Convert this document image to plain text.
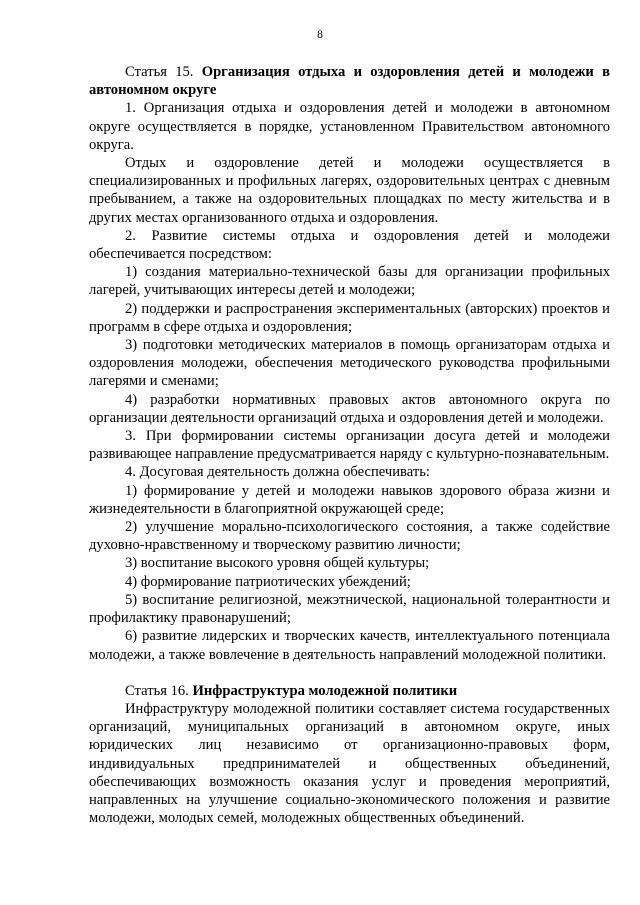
8
Статья 15. Организация отдыха и оздоровления детей и молодежи в автономном округе

1. Организация отдыха и оздоровления детей и молодежи в автономном округе осуществляется в порядке, установленном Правительством автономного округа.

Отдых и оздоровление детей и молодежи осуществляется в специализированных и профильных лагерях, оздоровительных центрах с дневным пребыванием, а также на оздоровительных площадках по месту жительства и в других местах организованного отдыха и оздоровления.

2. Развитие системы отдыха и оздоровления детей и молодежи обеспечивается посредством:

1) создания материально-технической базы для организации профильных лагерей, учитывающих интересы детей и молодежи;

2) поддержки и распространения экспериментальных (авторских) проектов и программ в сфере отдыха и оздоровления;

3) подготовки методических материалов в помощь организаторам отдыха и оздоровления молодежи, обеспечения методического руководства профильными лагерями и сменами;

4) разработки нормативных правовых актов автономного округа по организации деятельности организаций отдыха и оздоровления детей и молодежи.

3. При формировании системы организации досуга детей и молодежи развивающее направление предусматривается наряду с культурно-познавательным.

4. Досуговая деятельность должна обеспечивать:

1) формирование у детей и молодежи навыков здорового образа жизни и жизнедеятельности в благоприятной окружающей среде;

2) улучшение морально-психологического состояния, а также содействие духовно-нравственному и творческому развитию личности;

3) воспитание высокого уровня общей культуры;

4) формирование патриотических убеждений;

5) воспитание религиозной, межэтнической, национальной толерантности и профилактику правонарушений;

6) развитие лидерских и творческих качеств, интеллектуального потенциала молодежи, а также вовлечение в деятельность направлений молодежной политики.

Статья 16. Инфраструктура молодежной политики

Инфраструктуру молодежной политики составляет система государственных организаций, муниципальных организаций в автономном округе, иных юридических лиц независимо от организационно-правовых форм, индивидуальных предпринимателей и общественных объединений, обеспечивающих возможность оказания услуг и проведения мероприятий, направленных на улучшение социально-экономического положения и развитие молодежи, молодых семей, молодежных общественных объединений.
